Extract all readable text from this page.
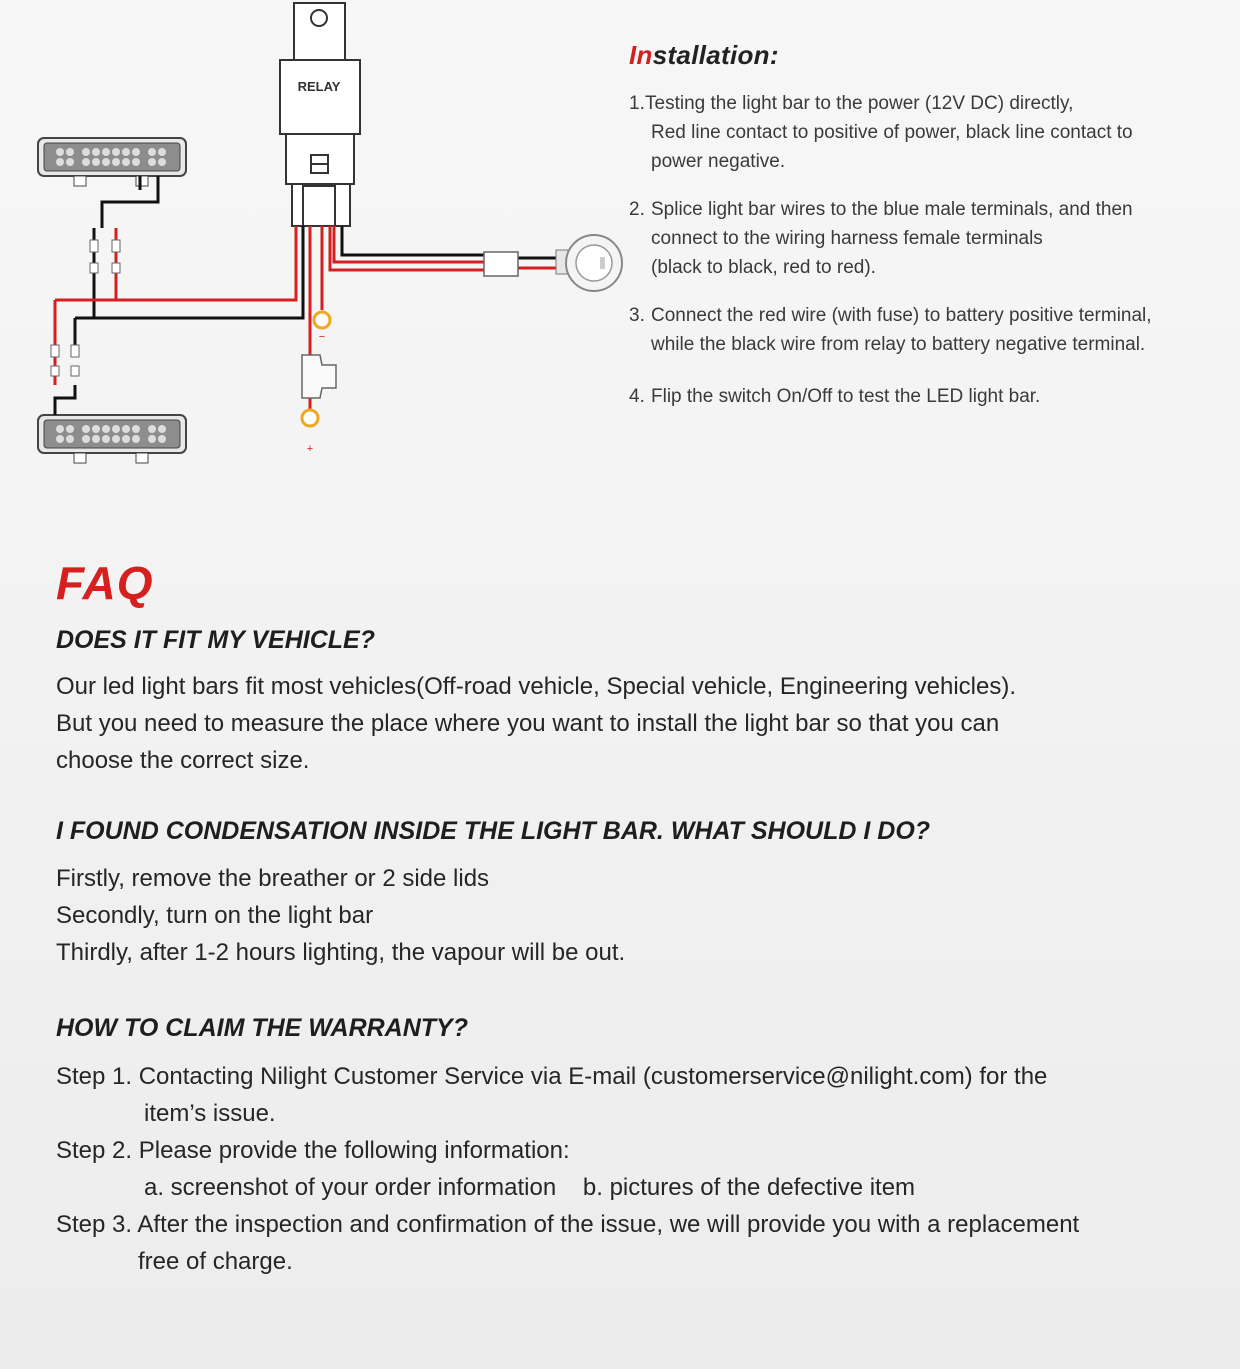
RELAY
−
+
Installation:
1. Testing the light bar to the power (12V DC) directly,
Red line contact to positive of power, black line contact to
power negative.
2. Splice light bar wires to the blue male terminals, and then
connect to the wiring harness female terminals
(black to black, red to red).
3. Connect the red wire (with fuse) to battery positive terminal,
while the black wire from relay to battery negative terminal.
4. Flip the switch On/Off to test the LED light bar.
FAQ

DOES IT FIT MY VEHICLE?

Our led light bars fit most vehicles(Off-road vehicle, Special vehicle, Engineering vehicles).

But you need to measure the place where you want to install the light bar so that you can

choose the correct size.

I FOUND CONDENSATION INSIDE THE LIGHT BAR. WHAT SHOULD I DO?

Firstly, remove the breather or 2 side lids

Secondly, turn on the light bar

Thirdly, after 1-2 hours lighting, the vapour will be out.

HOW TO CLAIM THE WARRANTY?

Step 1. Contacting Nilight Customer Service via E-mail (customerservice@nilight.com) for the

item’s issue.

Step 2. Please provide the following information:

a. screenshot of your order information    b. pictures of the defective item

Step 3. After the inspection and confirmation of the issue, we will provide you with a replacement

free of charge.
